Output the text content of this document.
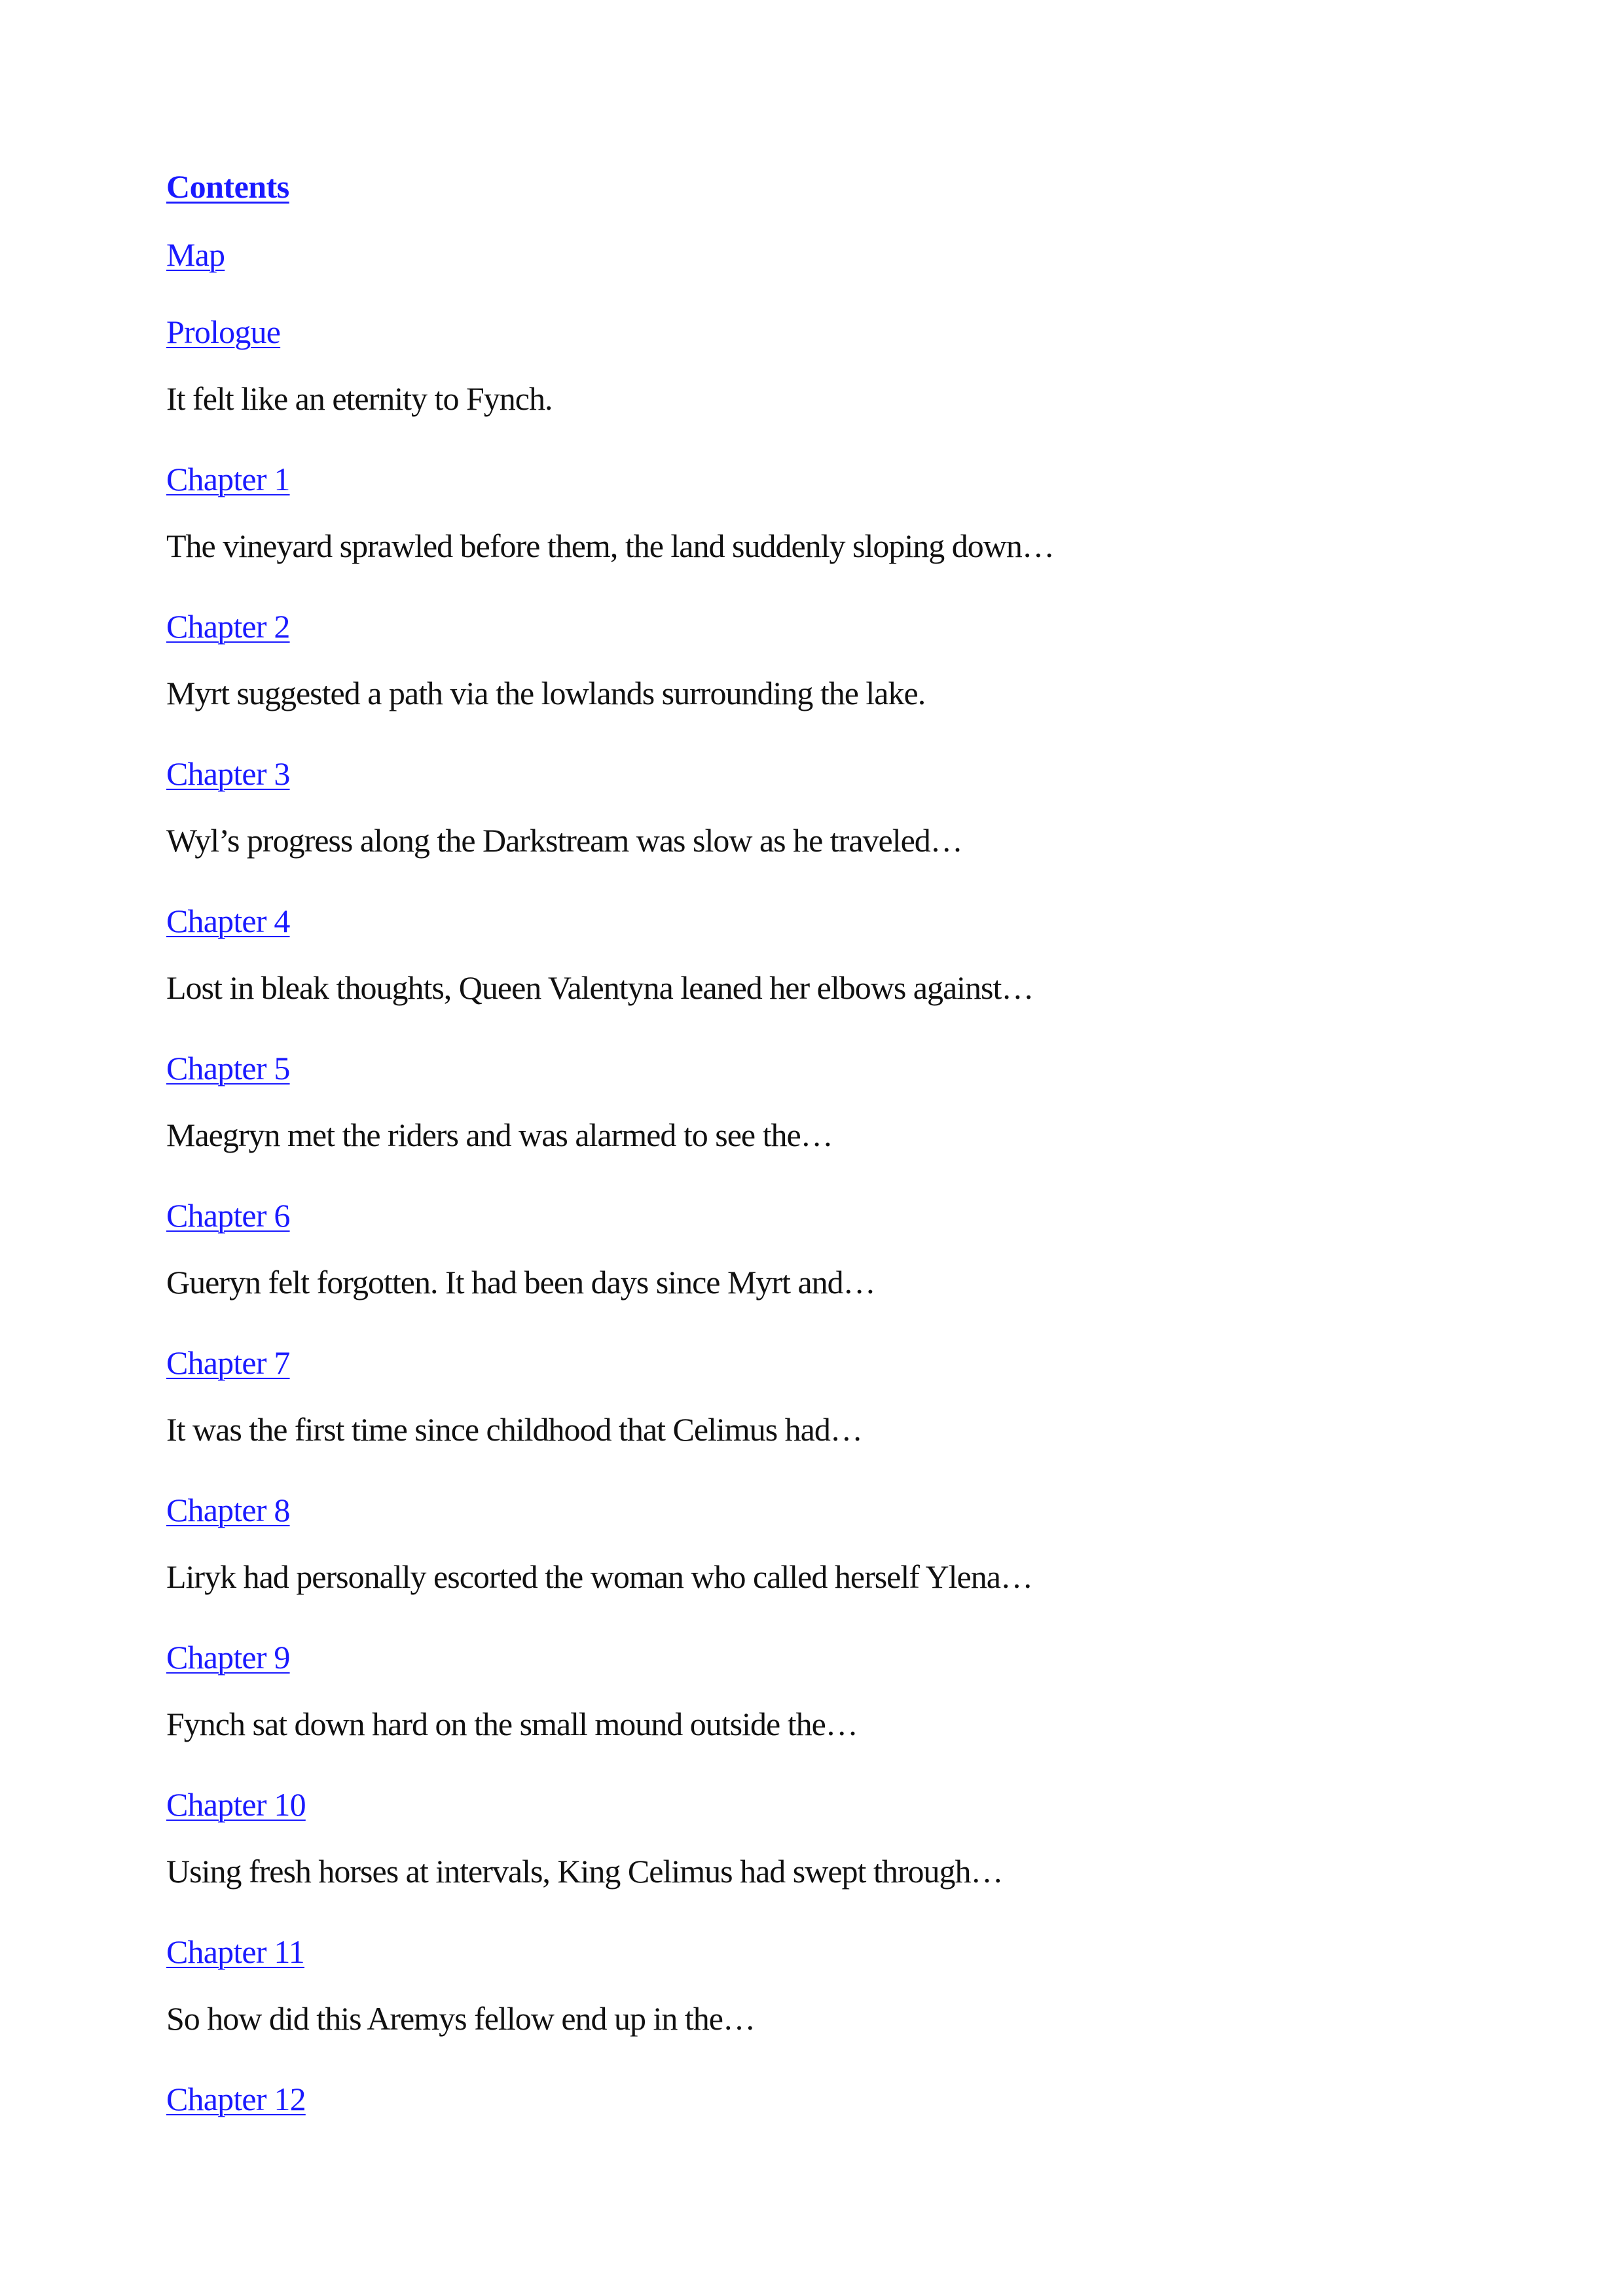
Contents
Map
Prologue
It felt like an eternity to Fynch.
Chapter 1
The vineyard sprawled before them, the land suddenly sloping down…
Chapter 2
Myrt suggested a path via the lowlands surrounding the lake.
Chapter 3
Wyl’s progress along the Darkstream was slow as he traveled…
Chapter 4
Lost in bleak thoughts, Queen Valentyna leaned her elbows against…
Chapter 5
Maegryn met the riders and was alarmed to see the…
Chapter 6
Gueryn felt forgotten. It had been days since Myrt and…
Chapter 7
It was the first time since childhood that Celimus had…
Chapter 8
Liryk had personally escorted the woman who called herself Ylena…
Chapter 9
Fynch sat down hard on the small mound outside the…
Chapter 10
Using fresh horses at intervals, King Celimus had swept through…
Chapter 11
So how did this Aremys fellow end up in the…
Chapter 12
